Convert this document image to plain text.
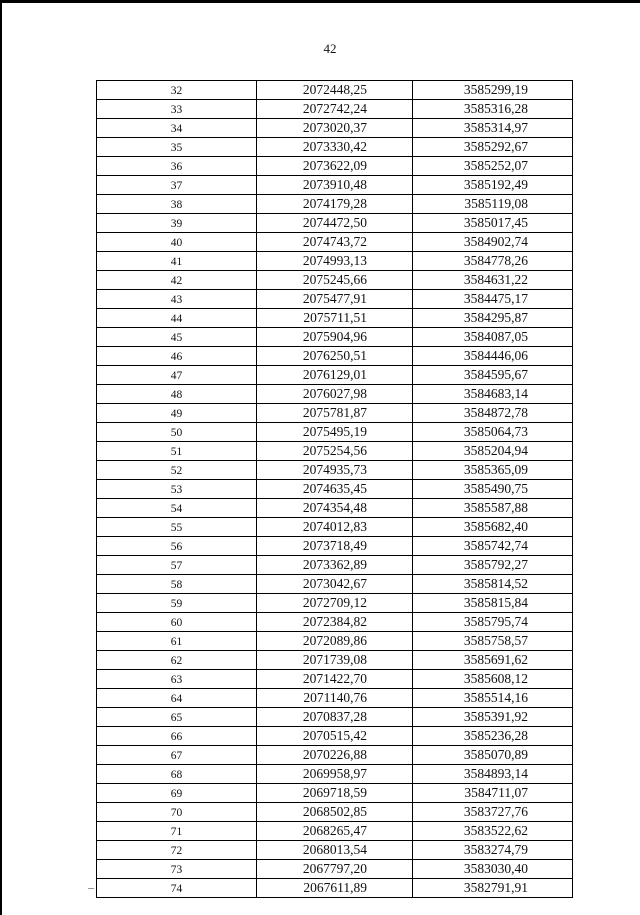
42
32	2072448,25	3585299,19
33	2072742,24	3585316,28
34	2073020,37	3585314,97
35	2073330,42	3585292,67
36	2073622,09	3585252,07
37	2073910,48	3585192,49
38	2074179,28	3585119,08
39	2074472,50	3585017,45
40	2074743,72	3584902,74
41	2074993,13	3584778,26
42	2075245,66	3584631,22
43	2075477,91	3584475,17
44	2075711,51	3584295,87
45	2075904,96	3584087,05
46	2076250,51	3584446,06
47	2076129,01	3584595,67
48	2076027,98	3584683,14
49	2075781,87	3584872,78
50	2075495,19	3585064,73
51	2075254,56	3585204,94
52	2074935,73	3585365,09
53	2074635,45	3585490,75
54	2074354,48	3585587,88
55	2074012,83	3585682,40
56	2073718,49	3585742,74
57	2073362,89	3585792,27
58	2073042,67	3585814,52
59	2072709,12	3585815,84
60	2072384,82	3585795,74
61	2072089,86	3585758,57
62	2071739,08	3585691,62
63	2071422,70	3585608,12
64	2071140,76	3585514,16
65	2070837,28	3585391,92
66	2070515,42	3585236,28
67	2070226,88	3585070,89
68	2069958,97	3584893,14
69	2069718,59	3584711,07
70	2068502,85	3583727,76
71	2068265,47	3583522,62
72	2068013,54	3583274,79
73	2067797,20	3583030,40
74	2067611,89	3582791,91
